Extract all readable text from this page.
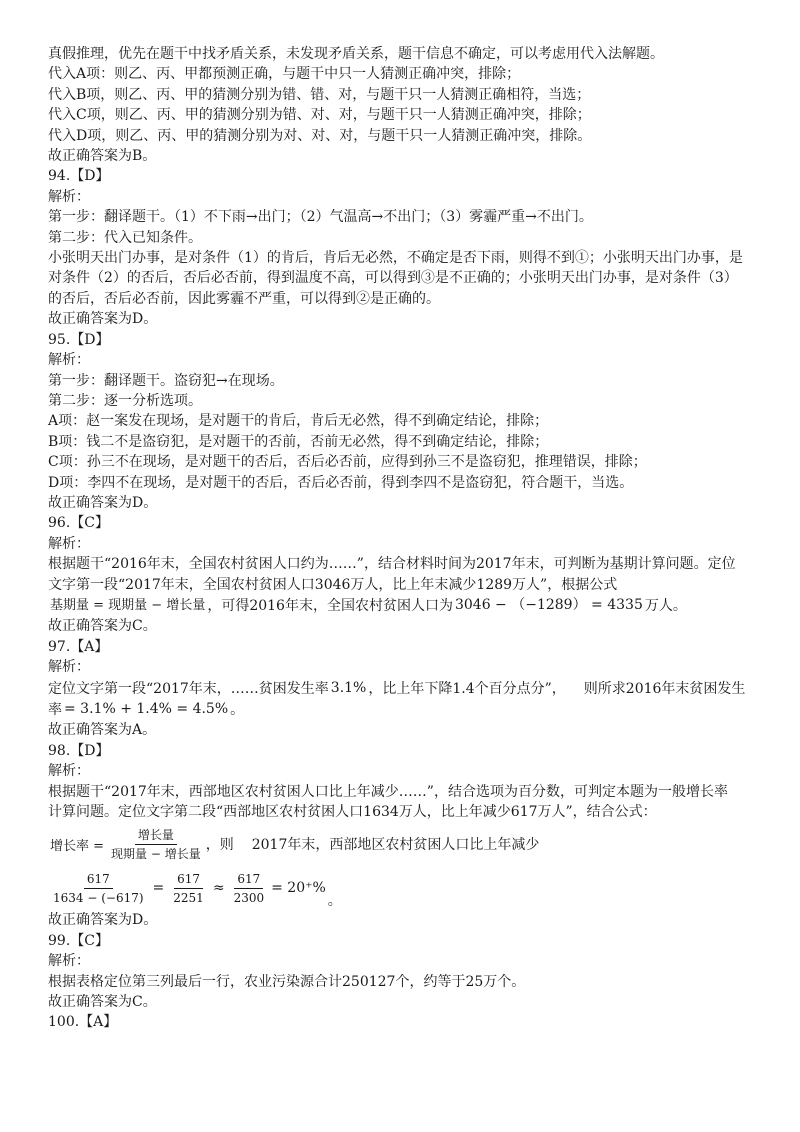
真假推理，优先在题干中找矛盾关系，未发现矛盾关系，题干信息不确定，可以考虑用代入法解题。
代入A项：则乙、丙、甲都预测正确，与题干中只一人猜测正确冲突，排除；
代入B项，则乙、丙、甲的猜测分别为错、错、对，与题干只一人猜测正确相符，当选；
代入C项，则乙、丙、甲的猜测分别为错、对、对，与题干只一人猜测正确冲突，排除；
代入D项，则乙、丙、甲的猜测分别为对、对、对，与题干只一人猜测正确冲突，排除。
故正确答案为B。
94.【D】
解析：
第一步：翻译题干。（1）不下雨→出门；（2）气温高→不出门；（3）雾霾严重→不出门。
第二步：代入已知条件。
小张明天出门办事，是对条件（1）的肯后，肯后无必然，不确定是否下雨，则得不到①；小张明天出门办事，是
对条件（2）的否后，否后必否前，得到温度不高，可以得到③是不正确的；小张明天出门办事，是对条件（3）
的否后，否后必否前，因此雾霾不严重，可以得到②是正确的。
故正确答案为D。
95.【D】
解析：
第一步：翻译题干。盗窃犯→在现场。
第二步：逐一分析选项。
A项：赵一案发在现场，是对题干的肯后，肯后无必然，得不到确定结论，排除；
B项：钱二不是盗窃犯，是对题干的否前，否前无必然，得不到确定结论，排除；
C项：孙三不在现场，是对题干的否后，否后必否前，应得到孙三不是盗窃犯，推理错误，排除；
D项：李四不在现场，是对题干的否后，否后必否前，得到李四不是盗窃犯，符合题干，当选。
故正确答案为D。
96.【C】
解析：
根据题干“2016年末，全国农村贫困人口约为……”，结合材料时间为2017年末，可判断为基期计算问题。定位
文字第一段“2017年末，全国农村贫困人口3046万人，比上年末减少1289万人”，根据公式
基期量 = 现期量 − 增长量 ，可得2016年末，全国农村贫困人口为 3046 − （−1289） = 4335 万人。
故正确答案为C。
97.【A】
解析：
定位文字第一段“2017年末，……贫困发生率 3.1% ，比上年下降1.4个百分点分”， 则所求2016年末贫困发生
率 = 3.1% + 1.4% = 4.5% 。
故正确答案为A。
98.【D】
解析：
根据题干“2017年末，西部地区农村贫困人口比上年减少……”，结合选项为百分数，可判定本题为一般增长率
计算问题。定位文字第二段“西部地区农村贫困人口1634万人，比上年减少617万人”，结合公式：
增长率 = $\frac{\text{增长量}}{\text{现期量 − 增长量}}$ ，则 2017年末，西部地区农村贫困人口比上年减少
$\frac{617}{1634 - (-617)} = \frac{617}{2251} \approx \frac{617}{2300} = 20^+\%$
。
故正确答案为D。
99.【C】
解析：
根据表格定位第三列最后一行，农业污染源合计250127个，约等于25万个。
故正确答案为C。
100.【A】
